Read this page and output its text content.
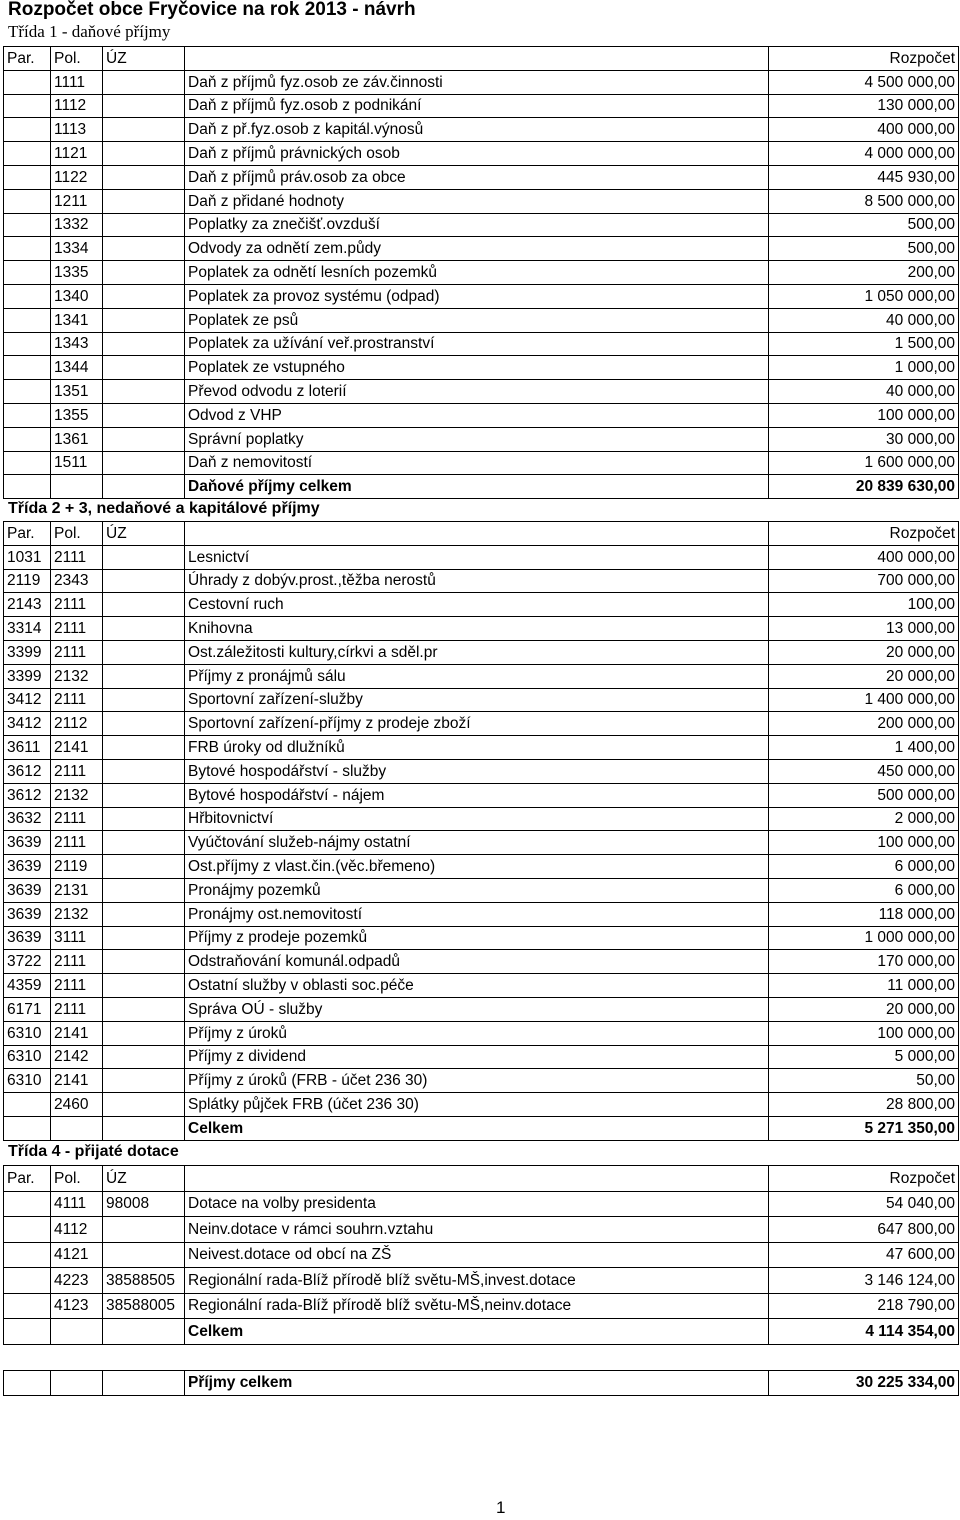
Rozpočet obce Fryčovice na rok 2013 - návrh
Třída 1 - daňové příjmy
Par.	Pol.	ÚZ		Rozpočet
	1111		Daň z příjmů fyz.osob ze záv.činnosti	4 500 000,00
	1112		Daň z příjmů fyz.osob z podnikání	130 000,00
	1113		Daň z př.fyz.osob z kapitál.výnosů	400 000,00
	1121		Daň z příjmů právnických osob	4 000 000,00
	1122		Daň z příjmů práv.osob za obce	445 930,00
	1211		Daň z přidané hodnoty	8 500 000,00
	1332		Poplatky za znečišť.ovzduší	500,00
	1334		Odvody za odnětí zem.půdy	500,00
	1335		Poplatek za odnětí lesních pozemků	200,00
	1340		Poplatek za provoz systému (odpad)	1 050 000,00
	1341		Poplatek ze psů	40 000,00
	1343		Poplatek za užívání veř.prostranství	1 500,00
	1344		Poplatek ze vstupného	1 000,00
	1351		Převod odvodu z loterií	40 000,00
	1355		Odvod z VHP	100 000,00
	1361		Správní poplatky	30 000,00
	1511		Daň z nemovitostí	1 600 000,00
			Daňové příjmy celkem	20 839 630,00
Třída 2 + 3, nedaňové a kapitálové příjmy
Par.	Pol.	ÚZ		Rozpočet
1031	2111		Lesnictví	400 000,00
2119	2343		Úhrady z dobýv.prost.,těžba nerostů	700 000,00
2143	2111		Cestovní ruch	100,00
3314	2111		Knihovna	13 000,00
3399	2111		Ost.záležitosti kultury,církvi a sděl.pr	20 000,00
3399	2132		Příjmy z pronájmů sálu	20 000,00
3412	2111		Sportovní zařízení-služby	1 400 000,00
3412	2112		Sportovní zařízení-příjmy z prodeje zboží	200 000,00
3611	2141		FRB úroky od dlužníků	1 400,00
3612	2111		Bytové hospodářství - služby	450 000,00
3612	2132		Bytové hospodářství - nájem	500 000,00
3632	2111		Hřbitovnictví	2 000,00
3639	2111		Vyúčtování služeb-nájmy ostatní	100 000,00
3639	2119		Ost.příjmy z vlast.čin.(věc.břemeno)	6 000,00
3639	2131		Pronájmy pozemků	6 000,00
3639	2132		Pronájmy ost.nemovitostí	118 000,00
3639	3111		Příjmy z prodeje pozemků	1 000 000,00
3722	2111		Odstraňování komunál.odpadů	170 000,00
4359	2111		Ostatní služby v oblasti soc.péče	11 000,00
6171	2111		Správa OÚ - služby	20 000,00
6310	2141		Příjmy z úroků	100 000,00
6310	2142		Příjmy z dividend	5 000,00
6310	2141		Příjmy z úroků (FRB - účet 236 30)	50,00
	2460		Splátky půjček FRB (účet 236 30)	28 800,00
			Celkem	5 271 350,00
Třída 4 - přijaté dotace
Par.	Pol.	ÚZ		Rozpočet
	4111	98008	Dotace na volby presidenta	54 040,00
	4112		Neinv.dotace v rámci souhrn.vztahu	647 800,00
	4121		Neivest.dotace od obcí na ZŠ	47 600,00
	4223	38588505	Regionální rada-Blíž přírodě blíž světu-MŠ,invest.dotace	3 146 124,00
	4123	38588005	Regionální rada-Blíž přírodě blíž světu-MŠ,neinv.dotace	218 790,00
			Celkem	4 114 354,00
			Příjmy celkem	30 225 334,00
1
